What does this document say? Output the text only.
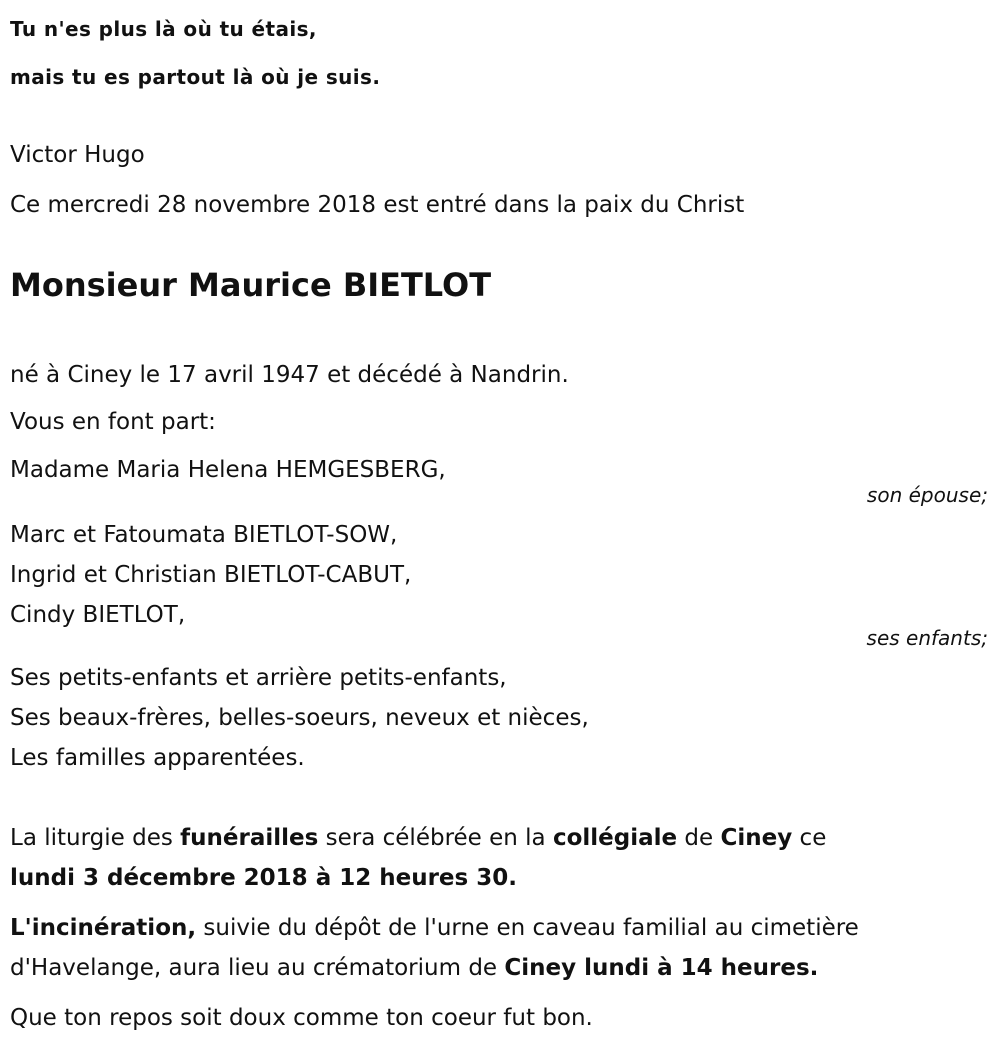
Tu n'es plus là où tu étais,
mais tu es partout là où je suis.
Victor Hugo
Ce mercredi 28 novembre 2018 est entré dans la paix du Christ
Monsieur Maurice BIETLOT
né à Ciney le 17 avril 1947 et décédé à Nandrin.
Vous en font part:
Madame Maria Helena HEMGESBERG,
son épouse;
Marc et Fatoumata BIETLOT-SOW,
Ingrid et Christian BIETLOT-CABUT,
Cindy BIETLOT,
ses enfants;
Ses petits-enfants et arrière petits-enfants,
Ses beaux-frères, belles-soeurs, neveux et nièces,
Les familles apparentées.
La liturgie des funérailles sera célébrée en la collégiale de Ciney ce
lundi 3 décembre 2018 à 12 heures 30.
L'incinération, suivie du dépôt de l'urne en caveau familial au cimetière
d'Havelange, aura lieu au crématorium de Ciney lundi à 14 heures.
Que ton repos soit doux comme ton coeur fut bon.
